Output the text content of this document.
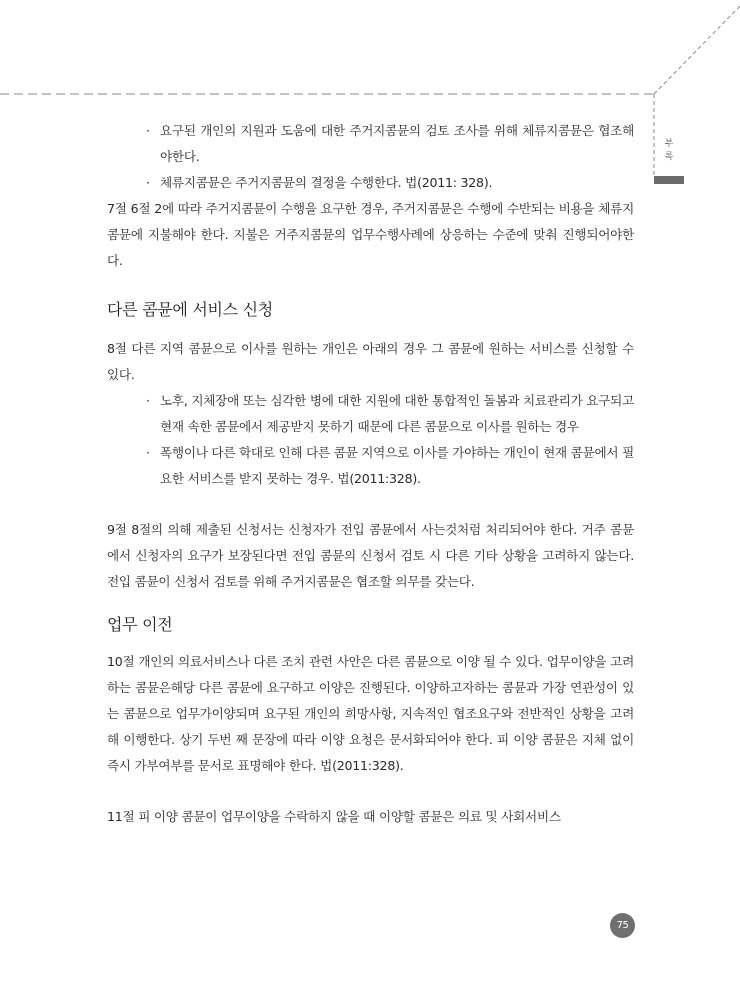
부
록
· 요구된 개인의 지원과 도움에 대한 주거지콤뮨의 검토 조사를 위해 체류지콤뮨은 협조해야한다.
· 체류지콤뮨은 주거지콤뮨의 결정을 수행한다. 법(2011: 328).

7절 6절 2에 따라 주거지콤뮨이 수행을 요구한 경우, 주거지콤뮨은 수행에 수반되는 비용을 체류지콤뮨에 지불해야 한다. 지불은 거주지콤뮨의 업무수행사례에 상응하는 수준에 맞춰 진행되어야한다.

다른 콤뮨에 서비스 신청

8절 다른 지역 콤뮨으로 이사를 원하는 개인은 아래의 경우 그 콤뮨에 원하는 서비스를 신청할 수 있다.

· 노후, 지체장애 또는 심각한 병에 대한 지원에 대한 통합적인 돌봄과 치료관리가 요구되고 현재 속한 콤뮨에서 제공받지 못하기 때문에 다른 콤뮨으로 이사를 원하는 경우
· 폭행이나 다른 학대로 인해 다른 콤뮨 지역으로 이사를 가야하는 개인이 현재 콤뮨에서 필요한 서비스를 받지 못하는 경우. 법(2011:328).

9절 8절의 의해 제출된 신청서는 신청자가 전입 콤뮨에서 사는것처럼 처리되어야 한다. 거주 콤뮨에서 신청자의 요구가 보장된다면 전입 콤뮨의 신청서 검토 시 다른 기타 상황을 고려하지 않는다. 전입 콤뮨이 신청서 검토를 위해 주거지콤뮨은 협조할 의무를 갖는다.

업무 이전

10절 개인의 의료서비스나 다른 조치 관련 사안은 다른 콤뮨으로 이양 될 수 있다. 업무이양을 고려하는 콤뮨은해당 다른 콤뮨에 요구하고 이양은 진행된다. 이양하고자하는 콤뮨과 가장 연관성이 있는 콤뮨으로 업무가이양되며 요구된 개인의 희망사항, 지속적인 협조요구와 전반적인 상황을 고려해 이행한다. 상기 두번 째 문장에 따라 이양 요청은 문서화되어야 한다. 피 이양 콤뮨은 지체 없이 즉시 가부여부를 문서로 표명해야 한다. 법(2011:328).

11절 피 이양 콤뮨이 업무이양을 수락하지 않을 때 이양할 콤뮨은 의료 및 사회서비스

75
